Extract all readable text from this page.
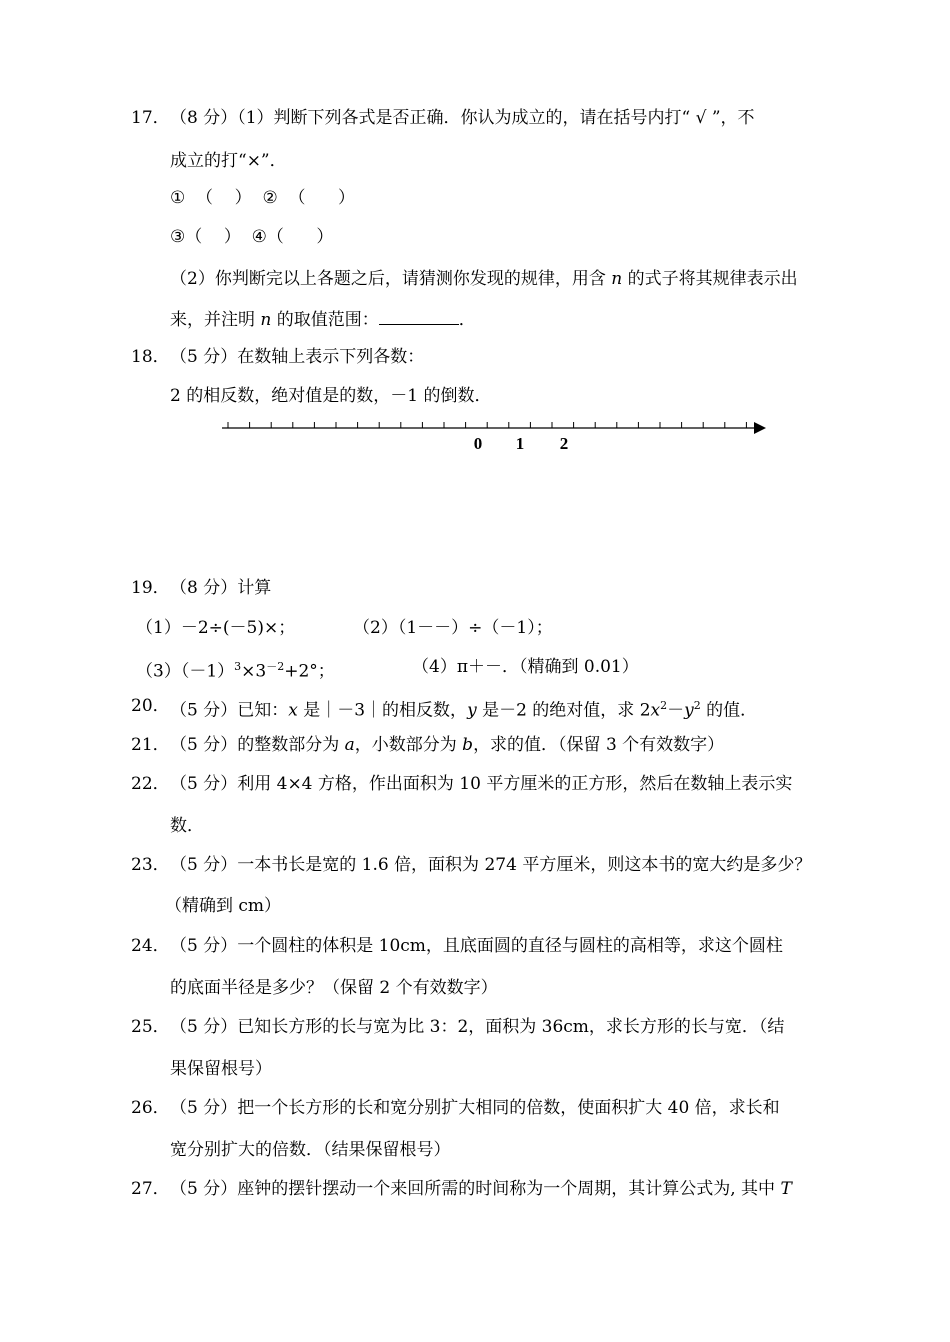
17． （8 分）（1）判断下列各式是否正确．你认为成立的，请在括号内打“ √ ”，不
成立的打“×”．
①  （    ）  ②  （      ）
③（    ）  ④（      ）
（2）你判断完以上各题之后，请猜测你发现的规律，用含 n 的式子将其规律表示出
来，并注明 n 的取值范围：	．
18． （5 分）在数轴上表示下列各数：
2 的相反数，绝对值是的数，－1 的倒数．
0 1 2
19． （8 分）计算
（1）－2÷(－5)×；	（2）（1－－）÷（－1）；
$(3)(-1)^3\times 3^{-2}+2^\circ$；	（4）π＋－．（精确到 0.01）
20． （5 分）已知：x 是｜－3｜的相反数，y 是－2 的绝对值，求 $2x^2-y^2$ 的值．
21． （5 分）的整数部分为 a，小数部分为 b，求的值．（保留 3 个有效数字）
22． （5 分）利用 4×4 方格，作出面积为 10 平方厘米的正方形，然后在数轴上表示实
数．
23． （5 分）一本书长是宽的 1.6 倍，面积为 274 平方厘米，则这本书的宽大约是多少？
（精确到 cm）
24． （5 分）一个圆柱的体积是 10cm，且底面圆的直径与圆柱的高相等，求这个圆柱
的底面半径是多少？（保留 2 个有效数字）
25． （5 分）已知长方形的长与宽为比 3：2，面积为 36cm，求长方形的长与宽．（结
果保留根号）
26． （5 分）把一个长方形的长和宽分别扩大相同的倍数，使面积扩大 40 倍，求长和
宽分别扩大的倍数．（结果保留根号）
27． （5 分）座钟的摆针摆动一个来回所需的时间称为一个周期，其计算公式为, 其中 T
